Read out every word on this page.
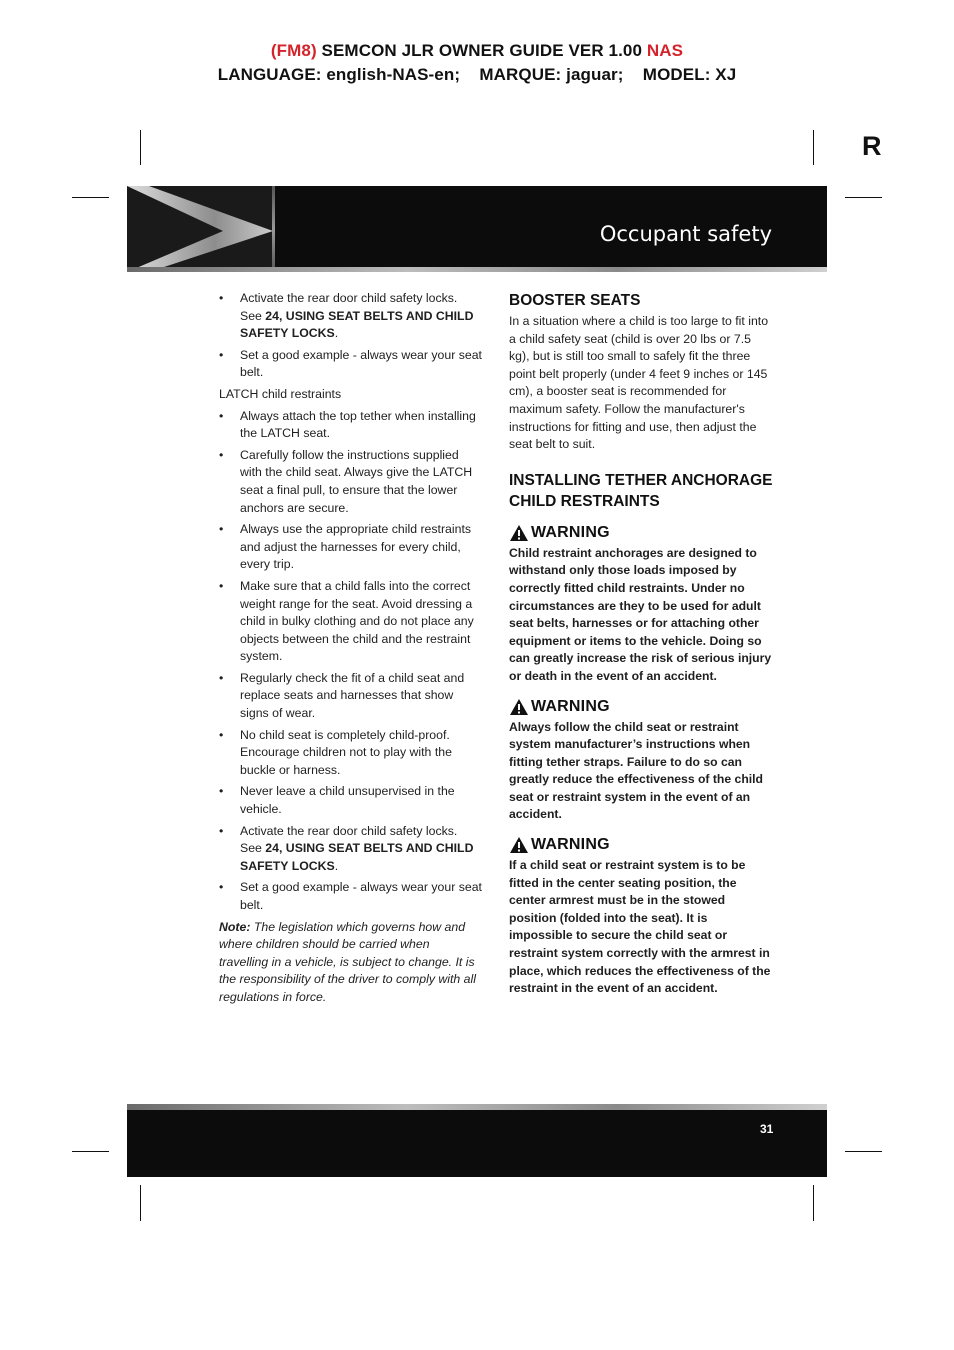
(FM8) SEMCON JLR OWNER GUIDE VER 1.00 NAS
LANGUAGE: english-NAS-en;    MARQUE: jaguar;    MODEL: XJ
R
Occupant safety
• Activate the rear door child safety locks. See 24, USING SEAT BELTS AND CHILD SAFETY LOCKS.
• Set a good example - always wear your seat belt.
LATCH child restraints
• Always attach the top tether when installing the LATCH seat.
• Carefully follow the instructions supplied with the child seat. Always give the LATCH seat a final pull, to ensure that the lower anchors are secure.
• Always use the appropriate child restraints and adjust the harnesses for every child, every trip.
• Make sure that a child falls into the correct weight range for the seat. Avoid dressing a child in bulky clothing and do not place any objects between the child and the restraint system.
• Regularly check the fit of a child seat and replace seats and harnesses that show signs of wear.
• No child seat is completely child-proof. Encourage children not to play with the buckle or harness.
• Never leave a child unsupervised in the vehicle.
• Activate the rear door child safety locks. See 24, USING SEAT BELTS AND CHILD SAFETY LOCKS.
• Set a good example - always wear your seat belt.
Note: The legislation which governs how and where children should be carried when travelling in a vehicle, is subject to change. It is the responsibility of the driver to comply with all regulations in force.
BOOSTER SEATS
In a situation where a child is too large to fit into a child safety seat (child is over 20 lbs or 7.5 kg), but is still too small to safely fit the three point belt properly (under 4 feet 9 inches or 145 cm), a booster seat is recommended for maximum safety. Follow the manufacturer's instructions for fitting and use, then adjust the seat belt to suit.
INSTALLING TETHER ANCHORAGE CHILD RESTRAINTS
WARNING
Child restraint anchorages are designed to withstand only those loads imposed by correctly fitted child restraints. Under no circumstances are they to be used for adult seat belts, harnesses or for attaching other equipment or items to the vehicle. Doing so can greatly increase the risk of serious injury or death in the event of an accident.
WARNING
Always follow the child seat or restraint system manufacturer’s instructions when fitting tether straps. Failure to do so can greatly reduce the effectiveness of the child seat or restraint system in the event of an accident.
WARNING
If a child seat or restraint system is to be fitted in the center seating position, the center armrest must be in the stowed position (folded into the seat). It is impossible to secure the child seat or restraint system correctly with the armrest in place, which reduces the effectiveness of the restraint in the event of an accident.
31
